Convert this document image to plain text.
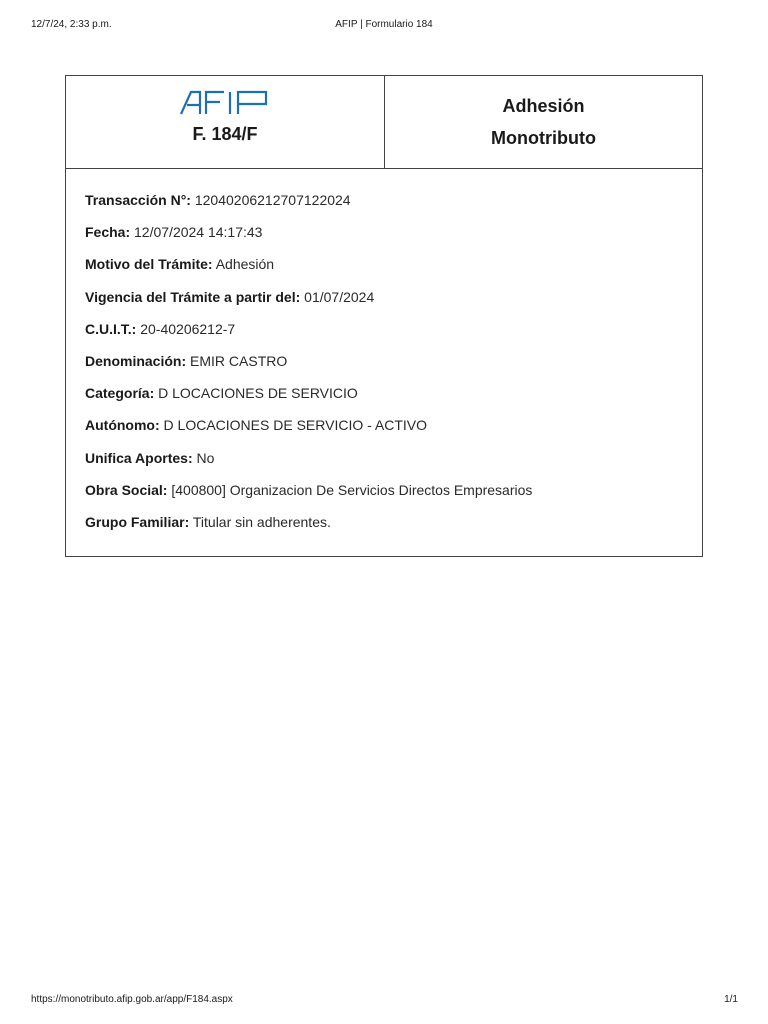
12/7/24, 2:33 p.m.	AFIP | Formulario 184
F. 184/F
Adhesión
Monotributo
Transacción N°: 12040206212707122024
Fecha: 12/07/2024 14:17:43
Motivo del Trámite: Adhesión
Vigencia del Trámite a partir del: 01/07/2024
C.U.I.T.: 20-40206212-7
Denominación: EMIR CASTRO
Categoría: D LOCACIONES DE SERVICIO
Autónomo: D LOCACIONES DE SERVICIO - ACTIVO
Unifica Aportes: No
Obra Social: [400800] Organizacion De Servicios Directos Empresarios
Grupo Familiar: Titular sin adherentes.
https://monotributo.afip.gob.ar/app/F184.aspx	1/1
